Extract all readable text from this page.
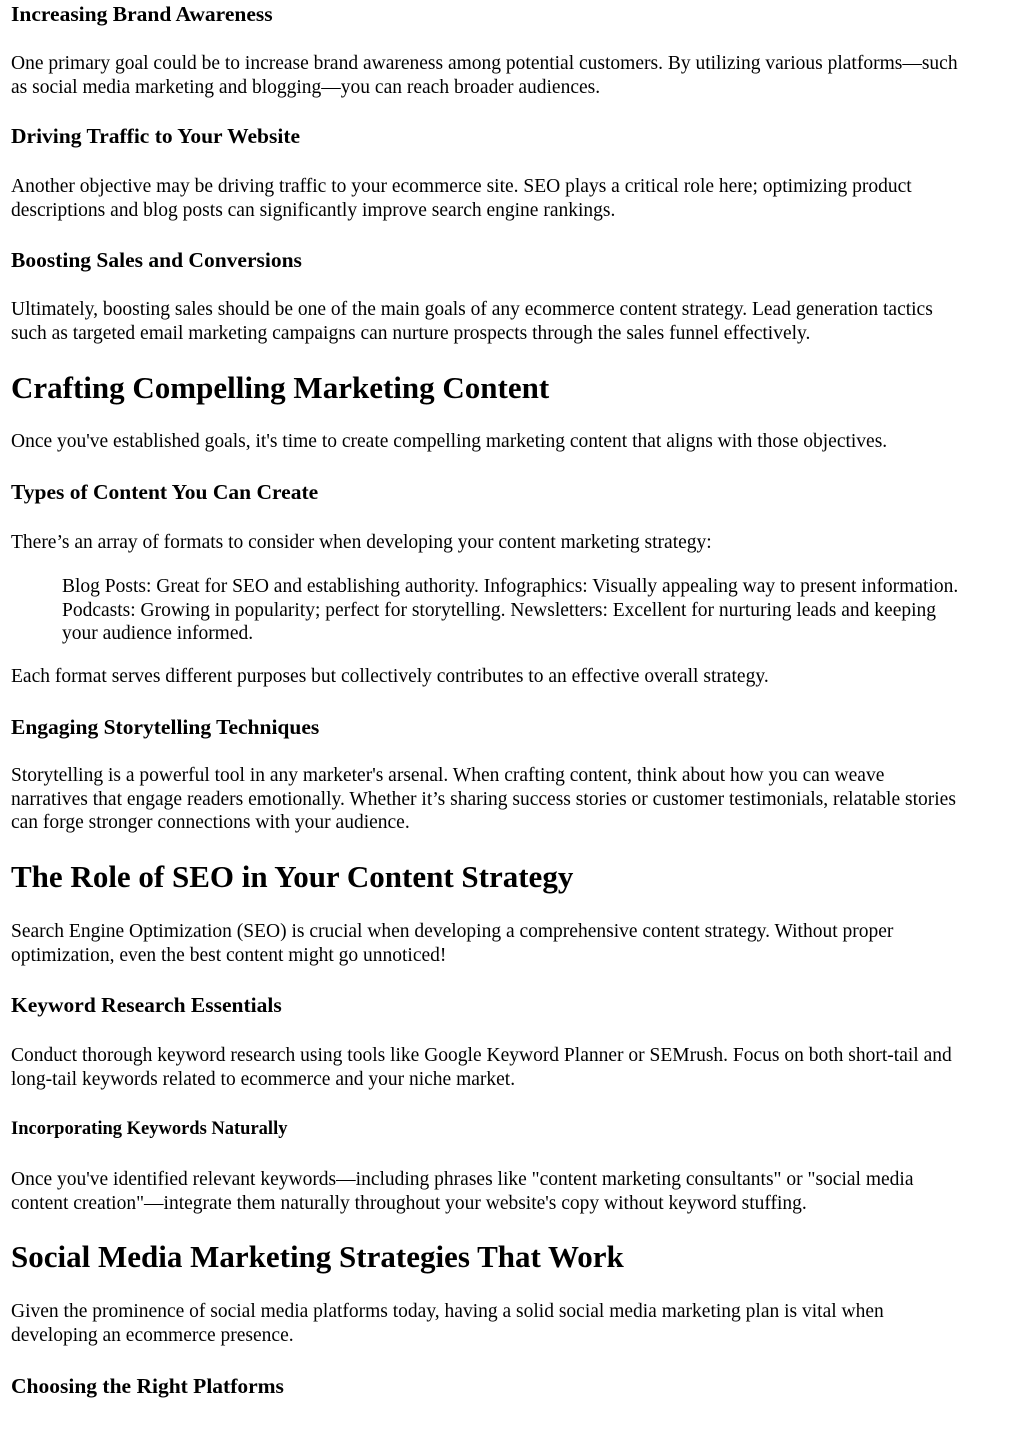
Increasing Brand Awareness

One primary goal could be to increase brand awareness among potential customers. By utilizing various platforms—such
as social media marketing and blogging—you can reach broader audiences.

Driving Traffic to Your Website

Another objective may be driving traffic to your ecommerce site. SEO plays a critical role here; optimizing product
descriptions and blog posts can significantly improve search engine rankings.

Boosting Sales and Conversions

Ultimately, boosting sales should be one of the main goals of any ecommerce content strategy. Lead generation tactics
such as targeted email marketing campaigns can nurture prospects through the sales funnel effectively.

Crafting Compelling Marketing Content

Once you've established goals, it's time to create compelling marketing content that aligns with those objectives.

Types of Content You Can Create

There’s an array of formats to consider when developing your content marketing strategy:

Blog Posts: Great for SEO and establishing authority. Infographics: Visually appealing way to present information.
Podcasts: Growing in popularity; perfect for storytelling. Newsletters: Excellent for nurturing leads and keeping
your audience informed.

Each format serves different purposes but collectively contributes to an effective overall strategy.

Engaging Storytelling Techniques

Storytelling is a powerful tool in any marketer's arsenal. When crafting content, think about how you can weave
narratives that engage readers emotionally. Whether it’s sharing success stories or customer testimonials, relatable stories
can forge stronger connections with your audience.

The Role of SEO in Your Content Strategy

Search Engine Optimization (SEO) is crucial when developing a comprehensive content strategy. Without proper
optimization, even the best content might go unnoticed!

Keyword Research Essentials

Conduct thorough keyword research using tools like Google Keyword Planner or SEMrush. Focus on both short-tail and
long-tail keywords related to ecommerce and your niche market.

Incorporating Keywords Naturally

Once you've identified relevant keywords—including phrases like "content marketing consultants" or "social media
content creation"—integrate them naturally throughout your website's copy without keyword stuffing.

Social Media Marketing Strategies That Work

Given the prominence of social media platforms today, having a solid social media marketing plan is vital when
developing an ecommerce presence.

Choosing the Right Platforms
